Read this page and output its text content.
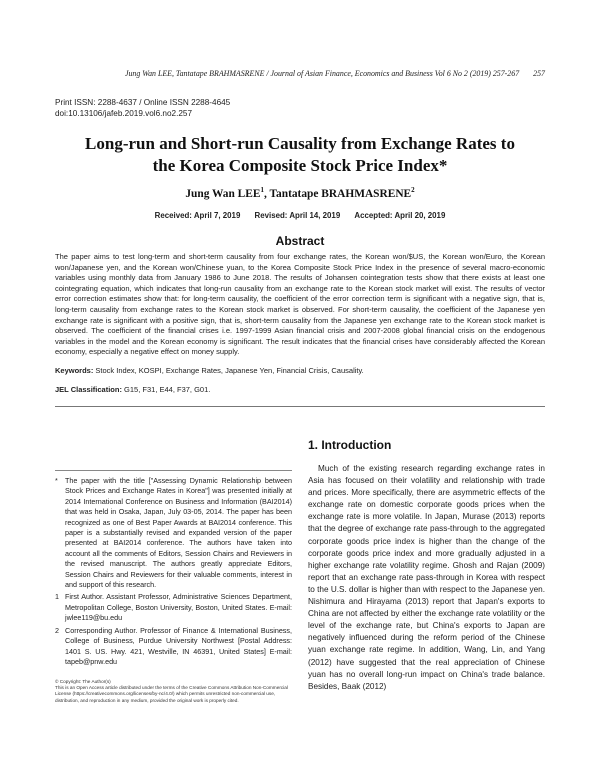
Jung Wan LEE, Tantatape BRAHMASRENE / Journal of Asian Finance, Economics and Business Vol 6 No 2 (2019) 257-267 257
Print ISSN: 2288-4637 / Online ISSN 2288-4645
doi:10.13106/jafeb.2019.vol6.no2.257
Long-run and Short-run Causality from Exchange Rates to
the Korea Composite Stock Price Index*
Jung Wan LEE$^1$, Tantatape BRAHMASRENE$^2$
Received: April 7, 2019 Revised: April 14, 2019 Accepted: April 20, 2019
Abstract
The paper aims to test long-term and short-term causality from four exchange rates, the Korean won/$US, the Korean won/Euro, the Korean won/Japanese yen, and the Korean won/Chinese yuan, to the Korea Composite Stock Price Index in the presence of several macro-economic variables using monthly data from January 1986 to June 2018. The results of Johansen cointegration tests show that there exists at least one cointegrating equation, which indicates that long-run causality from an exchange rate to the Korean stock market will exist. The results of vector error correction estimates show that: for long-term causality, the coefficient of the error correction term is significant with a negative sign, that is, long-term causality from exchange rates to the Korean stock market is observed. For short-term causality, the coefficient of the Japanese yen exchange rate is significant with a positive sign, that is, short-term causality from the Japanese yen exchange rate to the Korean stock market is observed. The coefficient of the financial crises i.e. 1997-1999 Asian financial crisis and 2007-2008 global financial crisis on the endogenous variables in the model and the Korean economy is significant. The result indicates that the financial crises have considerably affected the Korean economy, especially a negative effect on money supply.
Keywords: Stock Index, KOSPI, Exchange Rates, Japanese Yen, Financial Crisis, Causality.
JEL Classification: G15, F31, E44, F37, G01.
* The paper with the title ["Assessing Dynamic Relationship between Stock Prices and Exchange Rates in Korea"] was presented initially at 2014 International Conference on Business and Information (BAI2014) that was held in Osaka, Japan, July 03-05, 2014. The paper has been recognized as one of Best Paper Awards at BAI2014 conference. This paper is a substantially revised and expanded version of the paper presented at BAI2014 conference. The authors have taken into account all the comments of Editors, Session Chairs and Reviewers in the revised manuscript. The authors greatly appreciate Editors, Session Chairs and Reviewers for their valuable comments, interest in and support of this research.
1 First Author. Assistant Professor, Administrative Sciences Department, Metropolitan College, Boston University, Boston, United States. E-mail: jwlee119@bu.edu
2 Corresponding Author. Professor of Finance & International Business, College of Business, Purdue University Northwest [Postal Address: 1401 S. US. Hwy. 421, Westville, IN 46391, United States] E-mail: tapeb@pnw.edu
© Copyright: The Author(s)
This is an Open Access article distributed under the terms of the Creative Commons Attribution Non-Commercial License (https://creativecommons.org/licenses/by-nc/4.0/) which permits unrestricted non-commercial use, distribution, and reproduction in any medium, provided the original work is properly cited.
1. Introduction

Much of the existing research regarding exchange rates in Asia has focused on their volatility and relationship with trade and prices. More specifically, there are asymmetric effects of the exchange rate on domestic corporate goods prices when the exchange rate is more volatile. In Japan, Murase (2013) reports that the degree of exchange rate pass-through to the aggregated corporate goods price index is higher than the change of the corporate goods price index and more gradually adjusted in a higher exchange rate volatility regime. Ghosh and Rajan (2009) report that an exchange rate pass-through in Korea with respect to the U.S. dollar is higher than with respect to the Japanese yen. Nishimura and Hirayama (2013) report that Japan's exports to China are not affected by either the exchange rate volatility or the level of the exchange rate, but China's exports to Japan are negatively influenced during the reform period of the Chinese yuan exchange rate regime. In addition, Wang, Lin, and Yang (2012) have suggested that the real appreciation of Chinese yuan has no overall long-run impact on China's trade balance. Besides, Baak (2012)
